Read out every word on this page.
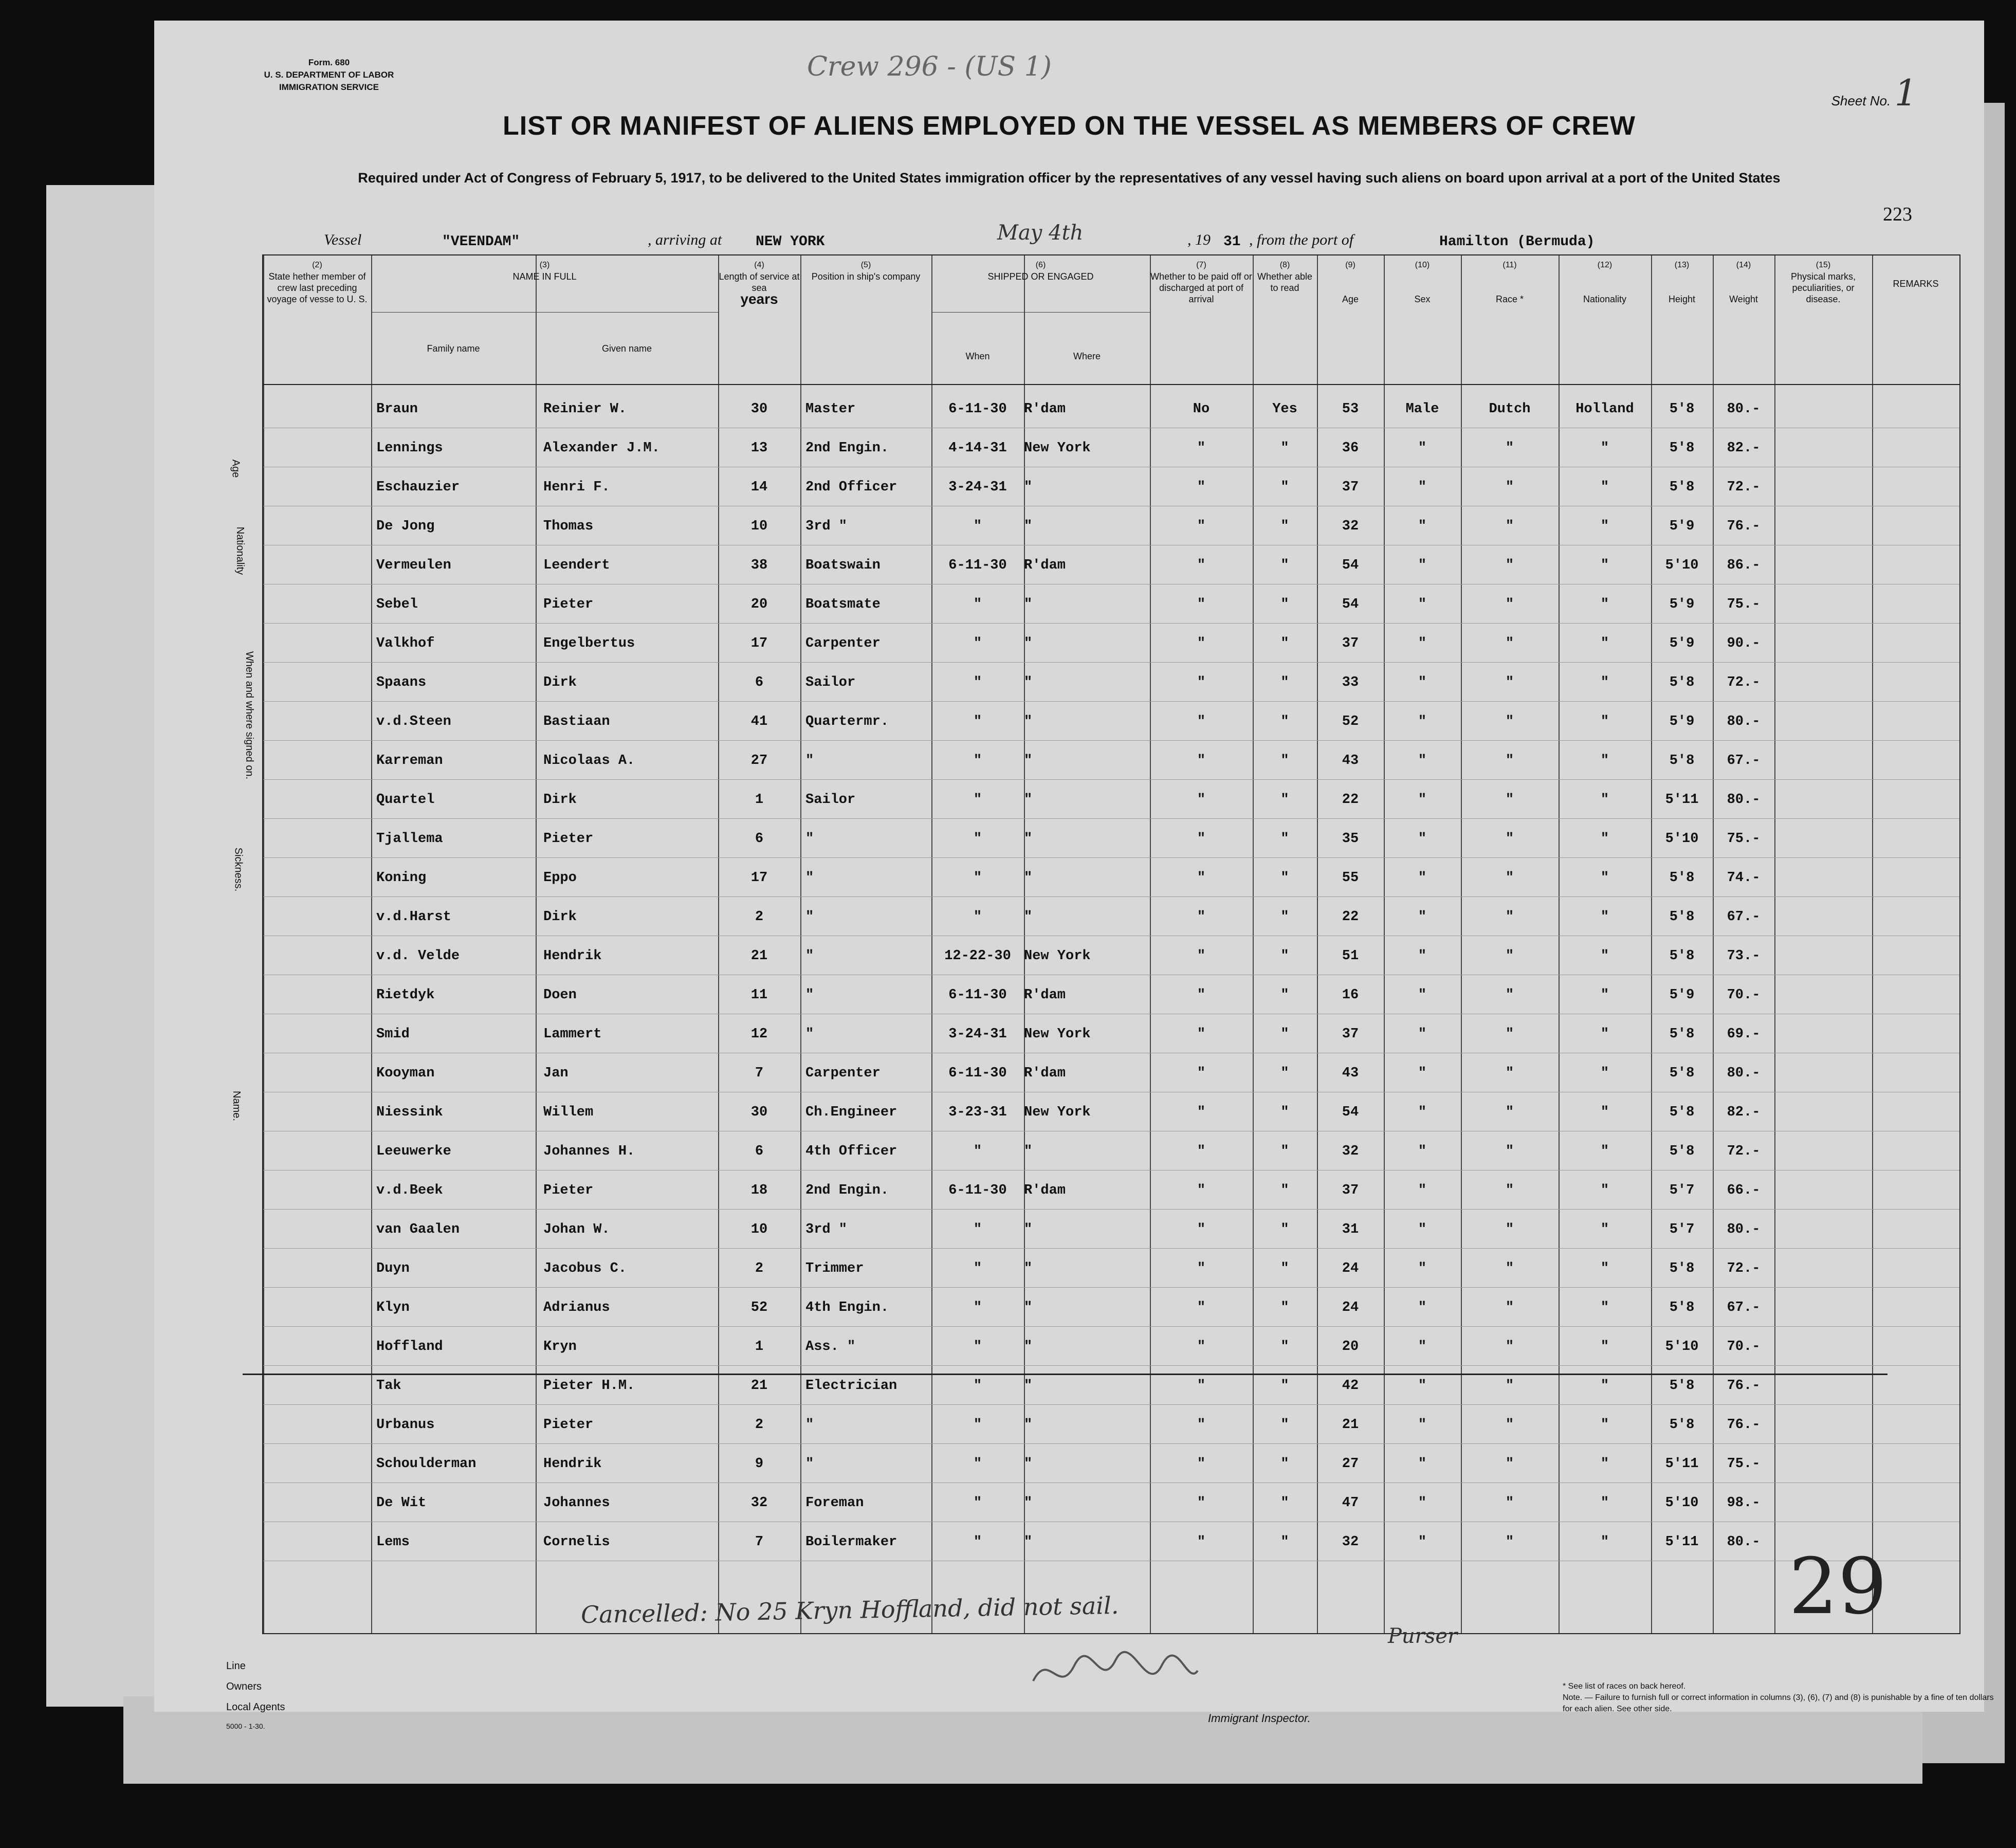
Crew 296 - (US 1)
Form. 680
U. S. DEPARTMENT OF LABOR
IMMIGRATION SERVICE
Sheet No. 1
LIST OR MANIFEST OF ALIENS EMPLOYED ON THE VESSEL AS MEMBERS OF CREW
Required under Act of Congress of February 5, 1917, to be delivered to the United States immigration officer by the representatives of any vessel having such aliens on board upon arrival at a port of the United States
223
Vessel	"VEENDAM"	, arriving at NEW YORK	May 4th	, 19 31 , from the port of	Hamilton (Bermuda)
(2)
State hether member of crew last preceding voyage of vesse to U. S.
(3)
NAME IN FULL
Family name	Given name
(4)
Length of service at sea
years
(5)
Position in ship's company
(6)
SHIPPED OR ENGAGED
When	Where
(7)
Whether to be paid off or discharged at port of arrival
(8)
Whether able to read
(9)

Age
(10)

Sex
(11)

Race *
(12)

Nationality
(13)

Height
(14)

Weight
(15)
Physical marks, peculiarities, or disease.

REMARKS
Braun	Reinier W.	30	Master	6-11-30	R'dam	No	Yes	53	Male	Dutch	Holland	5'8	80.-
Lennings	Alexander J.M.	13	2nd Engin.	4-14-31	New York	"	"	36	"	"	"	5'8	82.-
Eschauzier	Henri F.	14	2nd Officer	3-24-31	"	"	"	37	"	"	"	5'8	72.-
De Jong	Thomas	10	3rd "	"	"	"	"	32	"	"	"	5'9	76.-
Vermeulen	Leendert	38	Boatswain	6-11-30	R'dam	"	"	54	"	"	"	5'10	86.-
Sebel	Pieter	20	Boatsmate	"	"	"	"	54	"	"	"	5'9	75.-
Valkhof	Engelbertus	17	Carpenter	"	"	"	"	37	"	"	"	5'9	90.-
Spaans	Dirk	6	Sailor	"	"	"	"	33	"	"	"	5'8	72.-
v.d.Steen	Bastiaan	41	Quartermr.	"	"	"	"	52	"	"	"	5'9	80.-
Karreman	Nicolaas A.	27	"	"	"	"	"	43	"	"	"	5'8	67.-
Quartel	Dirk	1	Sailor	"	"	"	"	22	"	"	"	5'11	80.-
Tjallema	Pieter	6	"	"	"	"	"	35	"	"	"	5'10	75.-
Koning	Eppo	17	"	"	"	"	"	55	"	"	"	5'8	74.-
v.d.Harst	Dirk	2	"	"	"	"	"	22	"	"	"	5'8	67.-
v.d. Velde	Hendrik	21	"	12-22-30 New York	"	"	51	"	"	"	5'8	73.-
Rietdyk	Doen	11	"	6-11-30	R'dam	"	"	16	"	"	"	5'9	70.-
Smid	Lammert	12	"	3-24-31	New York	"	"	37	"	"	"	5'8	69.-
Kooyman	Jan	7	Carpenter	6-11-30	R'dam	"	"	43	"	"	"	5'8	80.-
Niessink	Willem	30	Ch.Engineer	3-23-31	New York	"	"	54	"	"	"	5'8	82.-
Leeuwerke	Johannes H.	6	4th Officer	"	"	"	"	32	"	"	"	5'8	72.-
v.d.Beek	Pieter	18	2nd Engin.	6-11-30	R'dam	"	"	37	"	"	"	5'7	66.-
van Gaalen	Johan W.	10	3rd "	"	"	"	"	31	"	"	"	5'7	80.-
Duyn	Jacobus C.	2	Trimmer	"	"	"	"	24	"	"	"	5'8	72.-
Klyn	Adrianus	52	4th Engin.	"	"	"	"	24	"	"	"	5'8	67.-
Hoffland	Kryn	1	Ass. "	"	"	"	"	20	"	"	"	5'10	70.-
Tak	Pieter H.M.	21	Electrician	"	"	"	"	42	"	"	"	5'8	76.-
Urbanus	Pieter	2	"	"	"	"	"	21	"	"	"	5'8	76.-
Schoulderman	Hendrik	9	"	"	"	"	"	27	"	"	"	5'11	75.-
De Wit	Johannes	32	Foreman	"	"	"	"	47	"	"	"	5'10	98.-
Lems	Cornelis	7	Boilermaker	"	"	"	"	32	"	"	"	5'11	80.-
Line
Owners
Local Agents
5000 - 1-30.
Cancelled: No 25 Kryn Hoffland, did not sail.
Purser
29
Immigrant Inspector.
* See list of races on back hereof.
Note. — Failure to furnish full or correct information in columns (3), (6), (7) and (8) is punishable by a fine of ten dollars for each alien. See other side.
Age
Nationality
When and where signed on.
Sickness.
Name.
